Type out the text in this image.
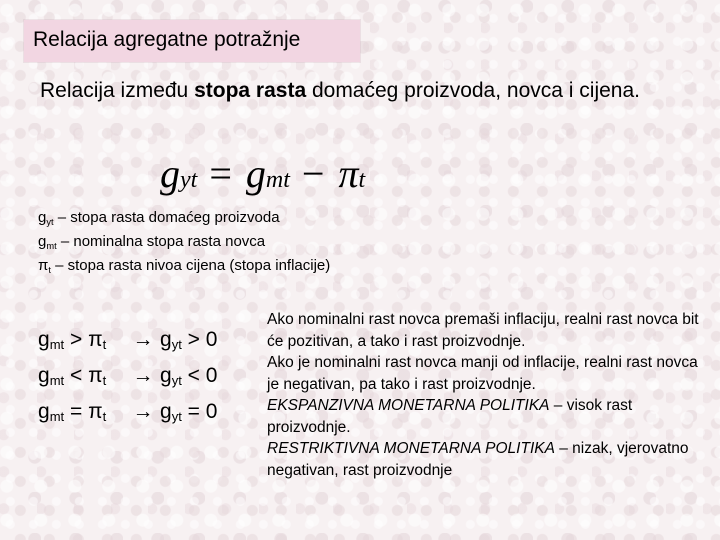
Relacija agregatne potražnje
Relacija između stopa rasta domaćeg proizvoda, novca i cijena.
gyt = gmt − πt
$g_{yt}$ – stopa rasta domaćeg proizvoda
$g_{mt}$ – nominalna stopa rasta novca
$\pi_t$ – stopa rasta nivoa cijena (stopa inflacije)
$g_{mt} > \pi_t$	→ $g_{yt} > 0$
$g_{mt} < \pi_t$	→ $g_{yt} < 0$
$g_{mt} = \pi_t$	→ $g_{yt} = 0$
Ako nominalni rast novca premaši inflaciju, realni rast novca bit će pozitivan, a tako i rast proizvodnje.
Ako je nominalni rast novca manji od inflacije, realni rast novca je negativan, pa tako i rast proizvodnje.
EKSPANZIVNA MONETARNA POLITIKA – visok rast proizvodnje.
RESTRIKTIVNA MONETARNA POLITIKA – nizak, vjerovatno negativan, rast proizvodnje
